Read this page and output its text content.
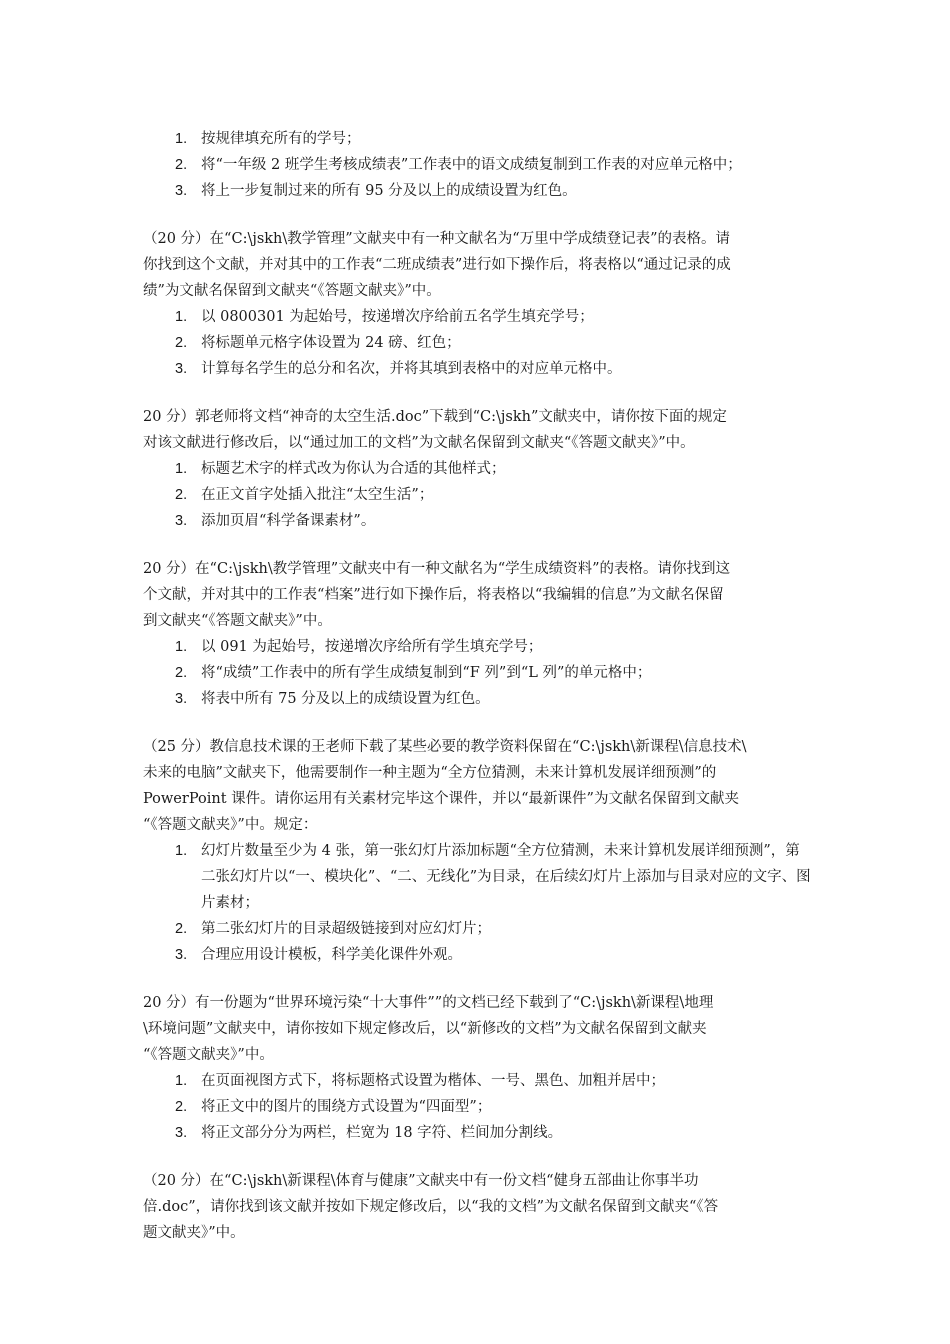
1. 按规律填充所有的学号；
2. 将“一年级 2 班学生考核成绩表”工作表中的语文成绩复制到工作表的对应单元格中；
3. 将上一步复制过来的所有 95 分及以上的成绩设置为红色。

（20 分）在“C:\jskh\教学管理”文献夹中有一种文献名为“万里中学成绩登记表”的表格。请

你找到这个文献，并对其中的工作表“二班成绩表”进行如下操作后，将表格以“通过记录的成

绩”为文献名保留到文献夹“《答题文献夹》”中。

1. 以 0800301 为起始号，按递增次序给前五名学生填充学号；
2. 将标题单元格字体设置为 24 磅、红色；
3. 计算每名学生的总分和名次，并将其填到表格中的对应单元格中。

20 分）郭老师将文档“神奇的太空生活.doc”下载到“C:\jskh”文献夹中，请你按下面的规定

对该文献进行修改后，以“通过加工的文档”为文献名保留到文献夹“《答题文献夹》”中。

1. 标题艺术字的样式改为你认为合适的其他样式；
2. 在正文首字处插入批注“太空生活”；
3. 添加页眉“科学备课素材”。

20 分）在“C:\jskh\教学管理”文献夹中有一种文献名为“学生成绩资料”的表格。请你找到这

个文献，并对其中的工作表“档案”进行如下操作后，将表格以“我编辑的信息”为文献名保留

到文献夹“《答题文献夹》”中。

1. 以 091 为起始号，按递增次序给所有学生填充学号；
2. 将“成绩”工作表中的所有学生成绩复制到“F 列”到“L 列”的单元格中；
3. 将表中所有 75 分及以上的成绩设置为红色。

（25 分）教信息技术课的王老师下载了某些必要的教学资料保留在“C:\jskh\新课程\信息技术\

未来的电脑”文献夹下，他需要制作一种主题为“全方位猜测，未来计算机发展详细预测”的

PowerPoint 课件。请你运用有关素材完毕这个课件，并以“最新课件”为文献名保留到文献夹

“《答题文献夹》”中。规定：

1. 幻灯片数量至少为 4 张，第一张幻灯片添加标题“全方位猜测，未来计算机发展详细预测”，第二张幻灯片以“一、模块化”、“二、无线化”为目录，在后续幻灯片上添加与目录对应的文字、图片素材；
2. 第二张幻灯片的目录超级链接到对应幻灯片；
3. 合理应用设计模板，科学美化课件外观。

20 分）有一份题为“世界环境污染“十大事件””的文档已经下载到了“C:\jskh\新课程\地理

\环境问题”文献夹中，请你按如下规定修改后，以“新修改的文档”为文献名保留到文献夹

“《答题文献夹》”中。

1. 在页面视图方式下，将标题格式设置为楷体、一号、黑色、加粗并居中；
2. 将正文中的图片的围绕方式设置为“四面型”；
3. 将正文部分分为两栏，栏宽为 18 字符、栏间加分割线。

（20 分）在“C:\jskh\新课程\体育与健康”文献夹中有一份文档“健身五部曲让你事半功

倍.doc”，请你找到该文献并按如下规定修改后，以“我的文档”为文献名保留到文献夹“《答

题文献夹》”中。
